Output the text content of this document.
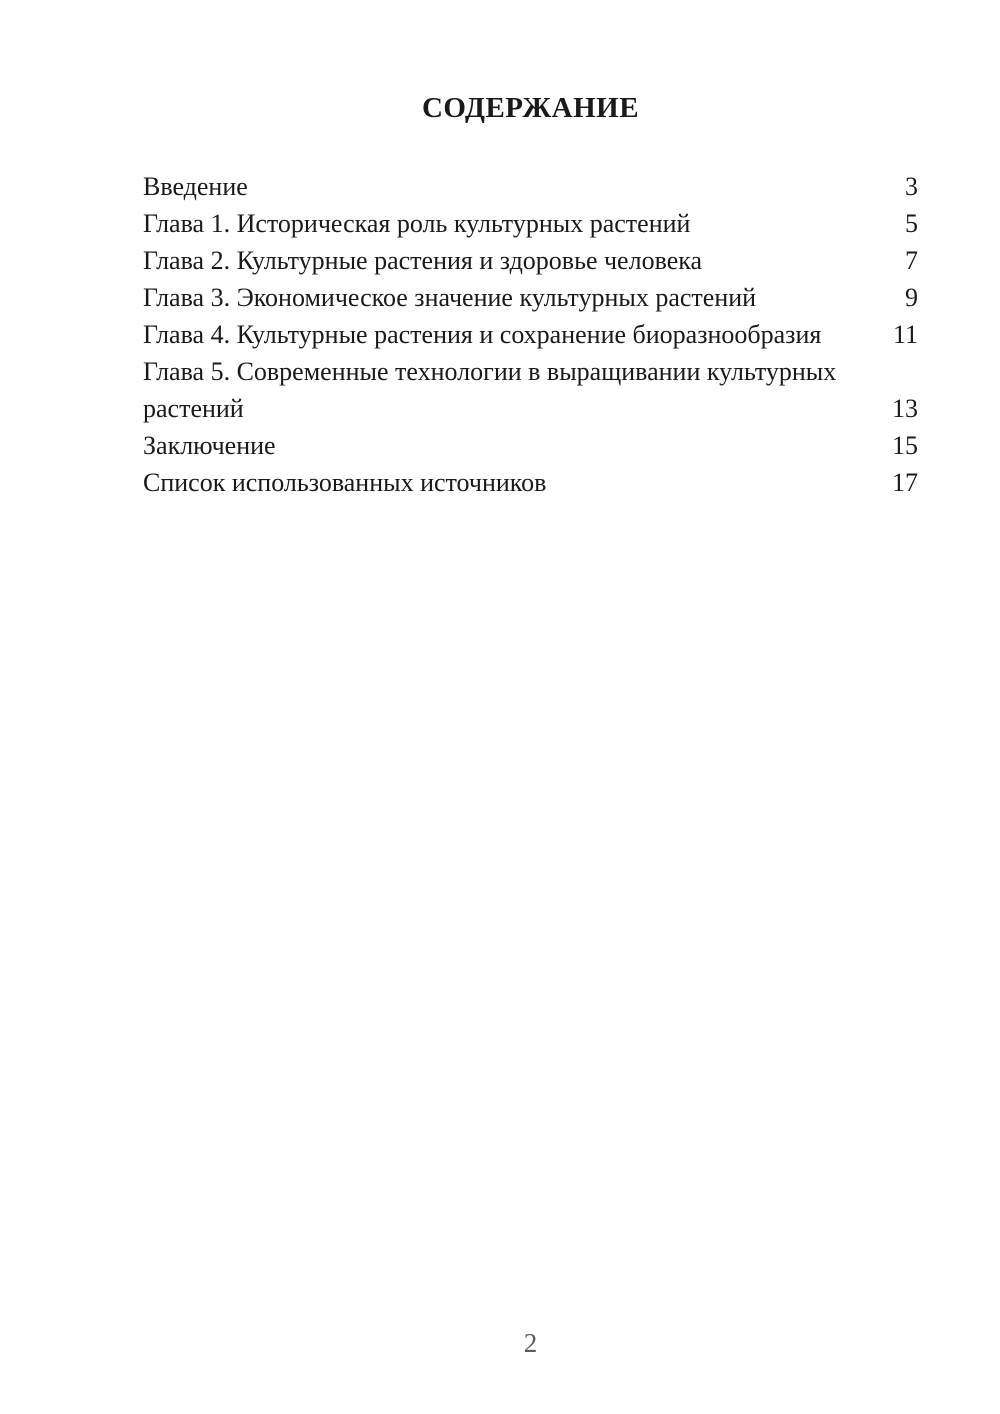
СОДЕРЖАНИЕ
Введение	3
Глава 1. Историческая роль культурных растений	5
Глава 2. Культурные растения и здоровье человека	7
Глава 3. Экономическое значение культурных растений	9
Глава 4. Культурные растения и сохранение биоразнообразия	11
Глава 5. Современные технологии в выращивании культурных растений	13
Заключение	15
Список использованных источников	17
2
